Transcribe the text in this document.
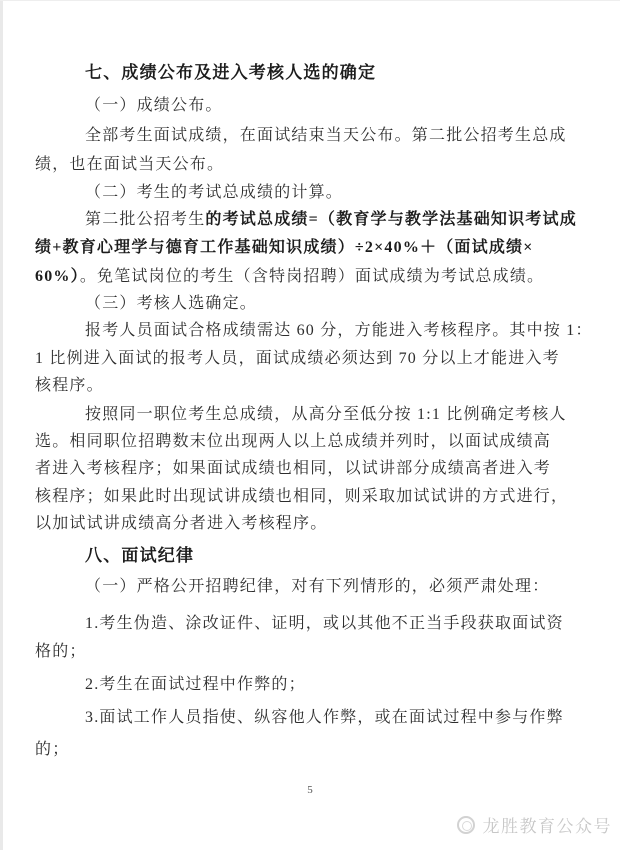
七、成绩公布及进入考核人选的确定
（一）成绩公布。
全部考生面试成绩，在面试结束当天公布。第二批公招考生总成
绩，也在面试当天公布。
（二）考生的考试总成绩的计算。
第二批公招考生的考试总成绩=（教育学与教学法基础知识考试成
绩+教育心理学与德育工作基础知识成绩）÷2×40%＋（面试成绩×
60%）。免笔试岗位的考生（含特岗招聘）面试成绩为考试总成绩。
（三）考核人选确定。
报考人员面试合格成绩需达 60 分，方能进入考核程序。其中按 1：
1 比例进入面试的报考人员，面试成绩必须达到 70 分以上才能进入考
核程序。
按照同一职位考生总成绩，从高分至低分按 1:1 比例确定考核人
选。相同职位招聘数末位出现两人以上总成绩并列时，以面试成绩高
者进入考核程序；如果面试成绩也相同，以试讲部分成绩高者进入考
核程序；如果此时出现试讲成绩也相同，则采取加试试讲的方式进行，
以加试试讲成绩高分者进入考核程序。
八、面试纪律
（一）严格公开招聘纪律，对有下列情形的，必须严肃处理：
1.考生伪造、涂改证件、证明，或以其他不正当手段获取面试资
格的；
2.考生在面试过程中作弊的；
3.面试工作人员指使、纵容他人作弊，或在面试过程中参与作弊
的；
5
龙胜教育公众号
